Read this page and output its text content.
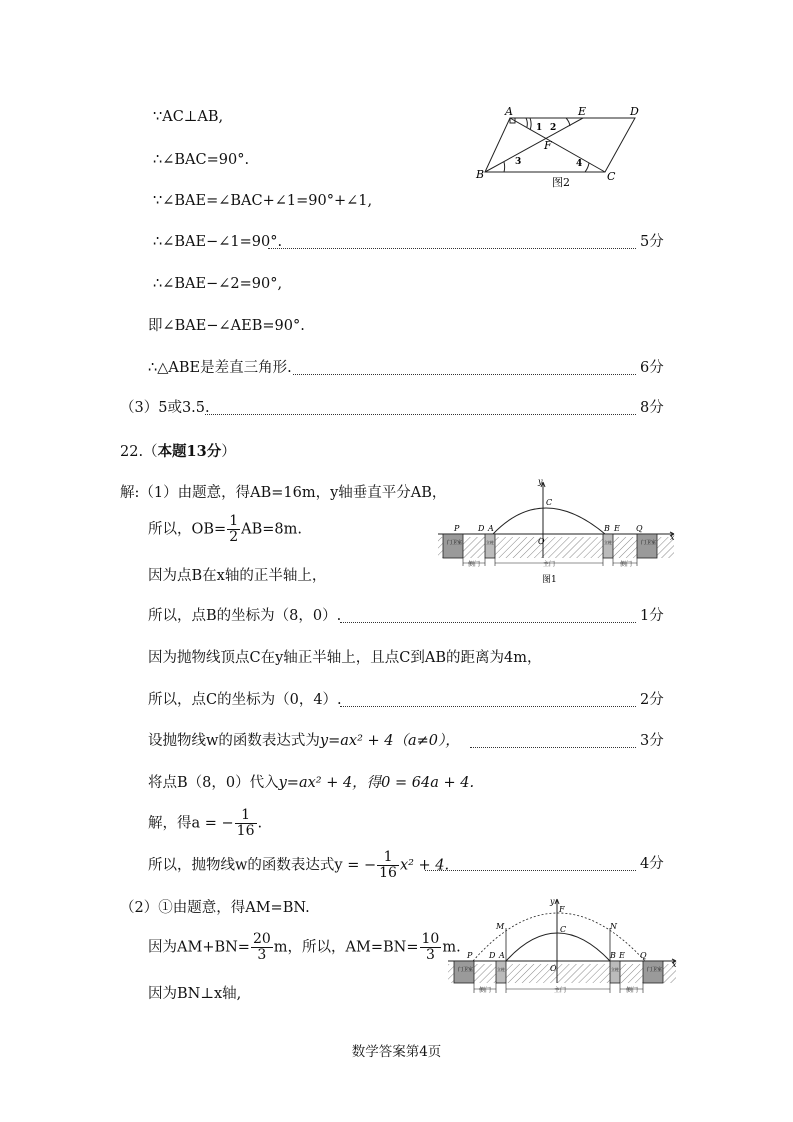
∵AC⊥AB,
∴∠BAC=90°.
∵∠BAE=∠BAC+∠1=90°+∠1,
∴∠BAE−∠1=90°.	5分
∴∠BAE−∠2=90°,
即∠BAE−∠AEB=90°.
∴△ABE是差直三角形.	6分
（3）5或3.5.	8分
22.（本题13分）
解:（1）由题意，得AB=16m，y轴垂直平分AB，
所以，$OB= \frac{1}{2} AB=8m$.
因为点B在x轴的正半轴上，
所以，点B的坐标为（8，0）.	1分
因为抛物线顶点C在y轴正半轴上，且点C到AB的距离为4m，
所以，点C的坐标为（0，4）.	2分
设抛物线w的函数表达式为y=ax² + 4（a≠0），	3分
将点B（8，0）代入y=ax² + 4，得0 = 64a + 4.
解，得a = − $\frac{1}{16}$ .
所以，抛物线w的函数表达式y = − $\frac{1}{16} x^2 + 4$.	4分
（2）①由题意，得AM=BN.
因为$AM+BN= \frac{20}{3}$ m，所以，$AM=BN= \frac{10}{3} m$.
因为BN⊥x轴,
A	E	D
B	C
F
1 2
3	4
图2
门卫室	立柱	立柱	门卫室
侧门	主门	侧门
y
x
C
O
P D A	B E Q
图1
门卫室	立柱	立柱	门卫室
侧门	主门	侧门
y
x
F
M	N
C
O
P D A	B E Q
数学答案第4页
